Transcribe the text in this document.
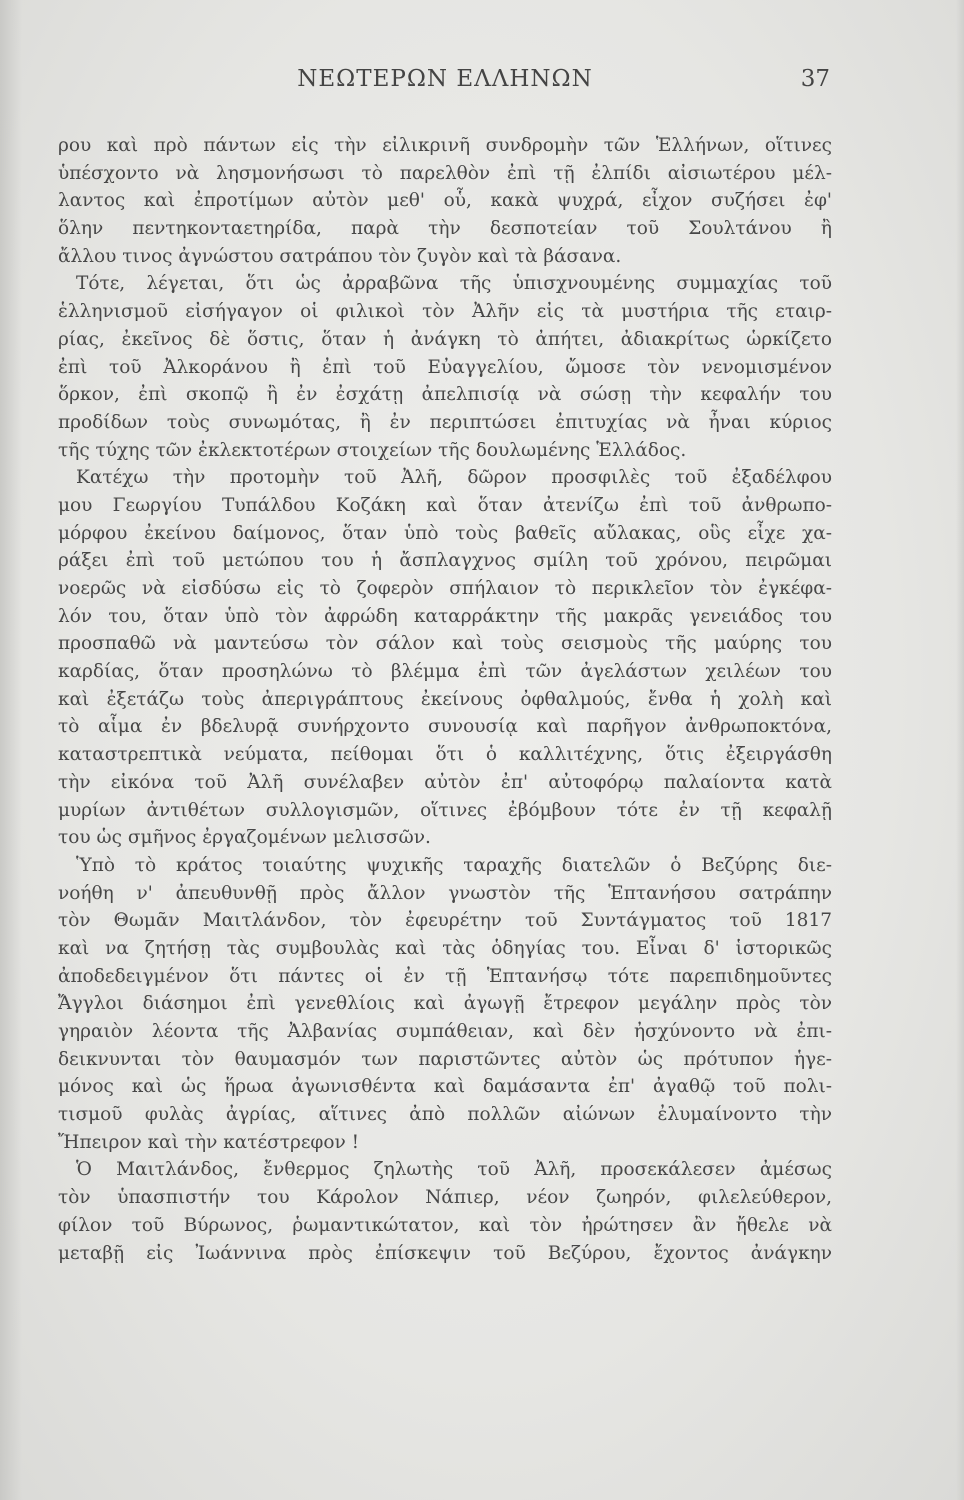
ΝΕΩΤΕΡΩΝ ΕΛΛΗΝΩΝ	37
ρου καὶ πρὸ πάντων εἰς τὴν εἰλικρινῆ συνδρομὴν τῶν Ἑλλήνων, οἵτινες
ὑπέσχοντο νὰ λησμονήσωσι τὸ παρελθὸν ἐπὶ τῇ ἐλπίδι αἰσιωτέρου μέλ-
λαντος καὶ ἐπροτίμων αὐτὸν μεθ' οὗ, κακὰ ψυχρά, εἶχον συζήσει ἐφ'
ὅλην πεντηκονταετηρίδα, παρὰ τὴν δεσποτείαν τοῦ Σουλτάνου ἢ
ἄλλου τινος ἀγνώστου σατράπου τὸν ζυγὸν καὶ τὰ βάσανα.
Τότε, λέγεται, ὅτι ὡς ἀρραβῶνα τῆς ὑπισχνουμένης συμμαχίας τοῦ
ἑλληνισμοῦ εἰσήγαγον οἱ φιλικοὶ τὸν Ἀλῆν εἰς τὰ μυστήρια τῆς εταιρ-
ρίας, ἐκεῖνος δὲ ὅστις, ὅταν ἡ ἀνάγκη τὸ ἀπήτει, ἀδιακρίτως ὡρκίζετο
ἐπὶ τοῦ Ἀλκοράνου ἢ ἐπὶ τοῦ Εὐαγγελίου, ὤμοσε τὸν νενομισμένον
ὅρκον, ἐπὶ σκοπῷ ἢ ἐν ἐσχάτῃ ἀπελπισίᾳ νὰ σώσῃ τὴν κεφαλήν του
προδίδων τοὺς συνωμότας, ἢ ἐν περιπτώσει ἐπιτυχίας νὰ ἦναι κύριος
τῆς τύχης τῶν ἐκλεκτοτέρων στοιχείων τῆς δουλωμένης Ἑλλάδος.
Κατέχω τὴν προτομὴν τοῦ Ἀλῆ, δῶρον προσφιλὲς τοῦ ἐξαδέλφου
μου Γεωργίου Τυπάλδου Κοζάκη καὶ ὅταν ἀτενίζω ἐπὶ τοῦ ἀνθρωπο-
μόρφου ἐκείνου δαίμονος, ὅταν ὑπὸ τοὺς βαθεῖς αὔλακας, οὓς εἶχε χα-
ράξει ἐπὶ τοῦ μετώπου του ἡ ἄσπλαγχνος σμίλη τοῦ χρόνου, πειρῶμαι
νοερῶς νὰ εἰσδύσω εἰς τὸ ζοφερὸν σπήλαιον τὸ περικλεῖον τὸν ἐγκέφα-
λόν του, ὅταν ὑπὸ τὸν ἀφρώδη καταρράκτην τῆς μακρᾶς γενειάδος του
προσπαθῶ νὰ μαντεύσω τὸν σάλον καὶ τοὺς σεισμοὺς τῆς μαύρης του
καρδίας, ὅταν προσηλώνω τὸ βλέμμα ἐπὶ τῶν ἀγελάστων χειλέων του
καὶ ἐξετάζω τοὺς ἀπεριγράπτους ἐκείνους ὀφθαλμούς, ἔνθα ἡ χολὴ καὶ
τὸ αἷμα ἐν βδελυρᾷ συνήρχοντο συνουσίᾳ καὶ παρῆγον ἀνθρωποκτόνα,
καταστρεπτικὰ νεύματα, πείθομαι ὅτι ὁ καλλιτέχνης, ὅτις ἐξειργάσθη
τὴν εἰκόνα τοῦ Ἀλῆ συνέλαβεν αὐτὸν ἐπ' αὐτοφόρῳ παλαίοντα κατὰ
μυρίων ἀντιθέτων συλλογισμῶν, οἵτινες ἐβόμβουν τότε ἐν τῇ κεφαλῇ
του ὡς σμῆνος ἐργαζομένων μελισσῶν.
Ὑπὸ τὸ κράτος τοιαύτης ψυχικῆς ταραχῆς διατελῶν ὁ Βεζύρης διε-
νοήθη ν' ἀπευθυνθῇ πρὸς ἄλλον γνωστὸν τῆς Ἑπτανήσου σατράπην
τὸν Θωμᾶν Μαιτλάνδον, τὸν ἐφευρέτην τοῦ Συντάγματος τοῦ 1817
καὶ να ζητήσῃ τὰς συμβουλὰς καὶ τὰς ὁδηγίας του. Εἶναι δ' ἱστορικῶς
ἀποδεδειγμένον ὅτι πάντες οἱ ἐν τῇ Ἑπτανήσῳ τότε παρεπιδημοῦντες
Ἄγγλοι διάσημοι ἐπὶ γενεθλίοις καὶ ἀγωγῇ ἔτρεφον μεγάλην πρὸς τὸν
γηραιὸν λέοντα τῆς Ἀλβανίας συμπάθειαν, καὶ δὲν ἠσχύνοντο νὰ ἐπι-
δεικνυνται τὸν θαυμασμόν των παριστῶντες αὐτὸν ὡς πρότυπον ἡγε-
μόνος καὶ ὡς ἥρωα ἀγωνισθέντα καὶ δαμάσαντα ἐπ' ἀγαθῷ τοῦ πολι-
τισμοῦ φυλὰς ἀγρίας, αἵτινες ἀπὸ πολλῶν αἰώνων ἐλυμαίνοντο τὴν
Ἤπειρον καὶ τὴν κατέστρεφον !
Ὁ Μαιτλάνδος, ἔνθερμος ζηλωτὴς τοῦ Ἀλῆ, προσεκάλεσεν ἀμέσως
τὸν ὑπασπιστήν του Κάρολον Νάπιερ, νέον ζωηρόν, φιλελεύθερον,
φίλον τοῦ Βύρωνος, ῥωμαντικώτατον, καὶ τὸν ἠρώτησεν ἂν ἤθελε νὰ
μεταβῇ εἰς Ἰωάννινα πρὸς ἐπίσκεψιν τοῦ Βεζύρου, ἔχοντος ἀνάγκην
